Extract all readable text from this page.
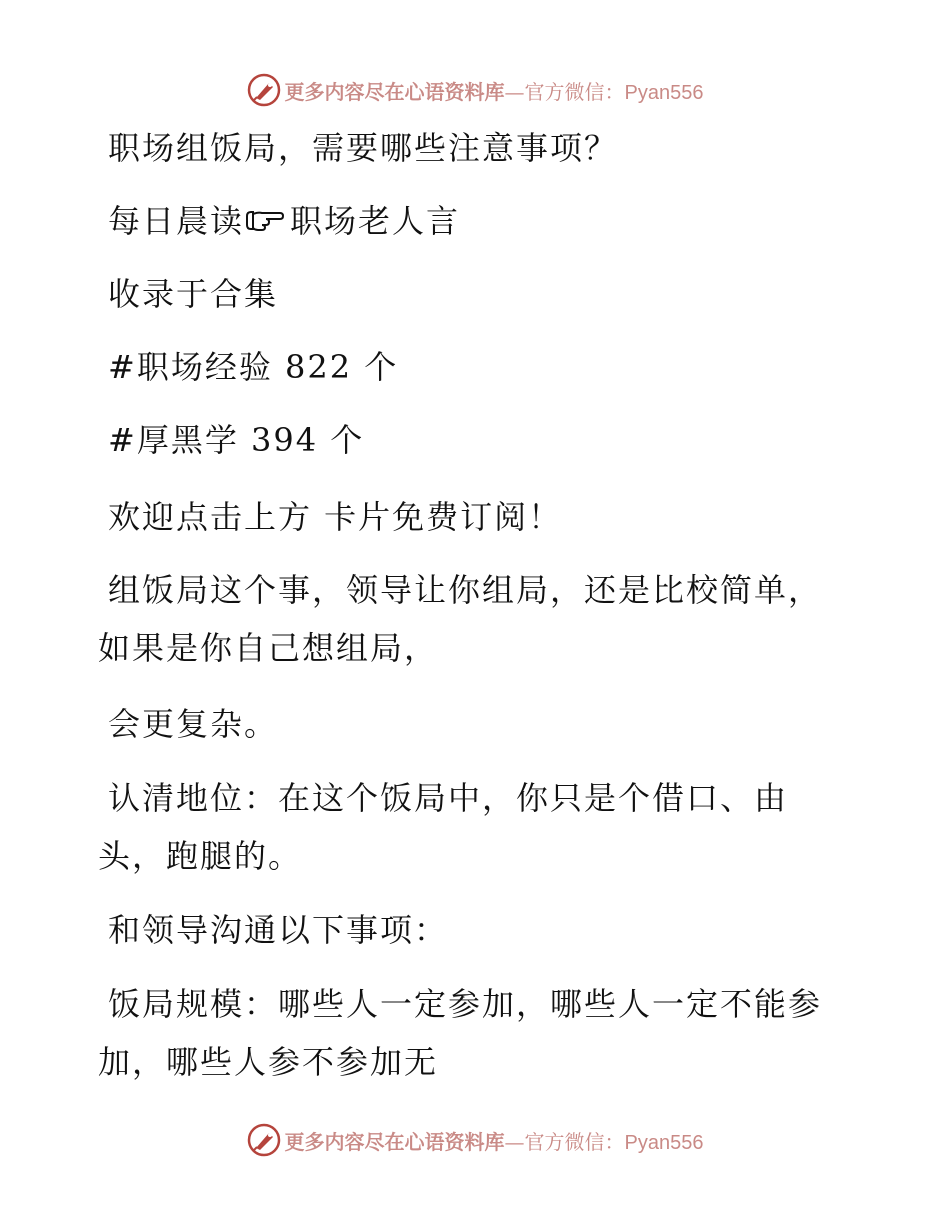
更多内容尽在心语资料库—官方微信：Pyan556
职场组饭局，需要哪些注意事项？
每日晨读 职场老人言
收录于合集
#职场经验 822 个
#厚黑学 394 个
欢迎点击上方 卡片免费订阅！
组饭局这个事，领导让你组局，还是比校简单，
如果是你自己想组局，
会更复杂。
认清地位：在这个饭局中，你只是个借口、由
头，跑腿的。
和领导沟通以下事项：
饭局规模：哪些人一定参加，哪些人一定不能参
加，哪些人参不参加无
更多内容尽在心语资料库—官方微信：Pyan556
